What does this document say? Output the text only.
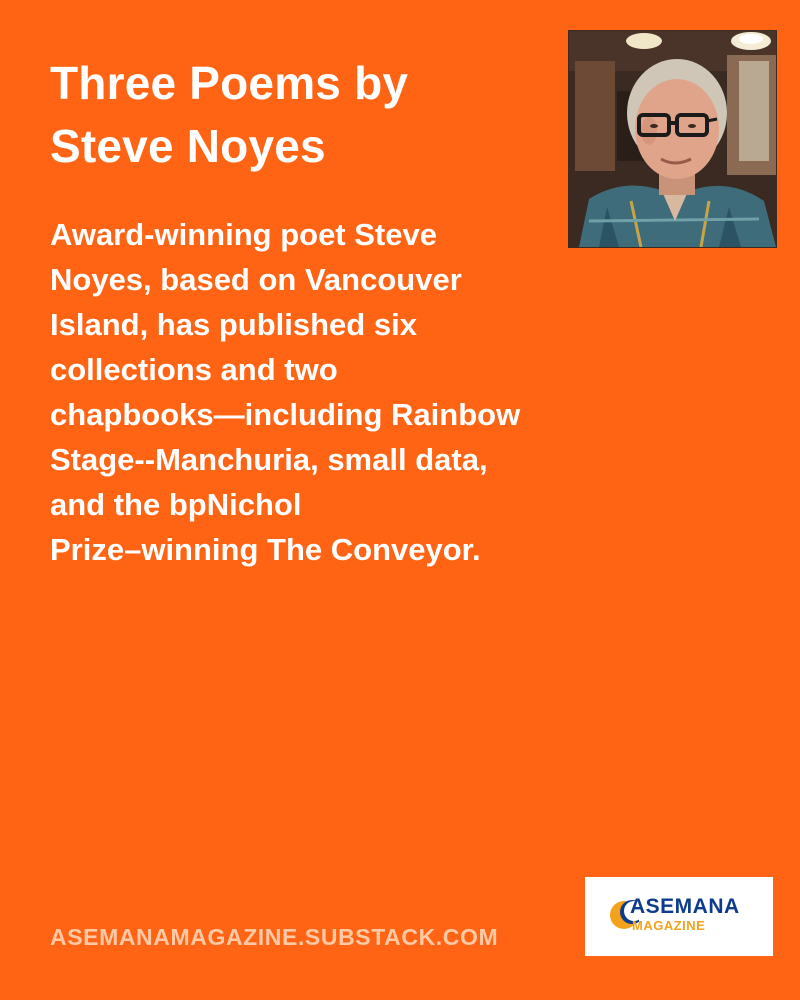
Three Poems by
Steve Noyes

Award-winning poet Steve
Noyes, based on Vancouver
Island, has published six
collections and two
chapbooks—including Rainbow
Stage--Manchuria, small data,
and the bpNichol
Prize–winning The Conveyor.

ASEMANAMAGAZINE.SUBSTACK.COM
ASEMANA
MAGAZINE
